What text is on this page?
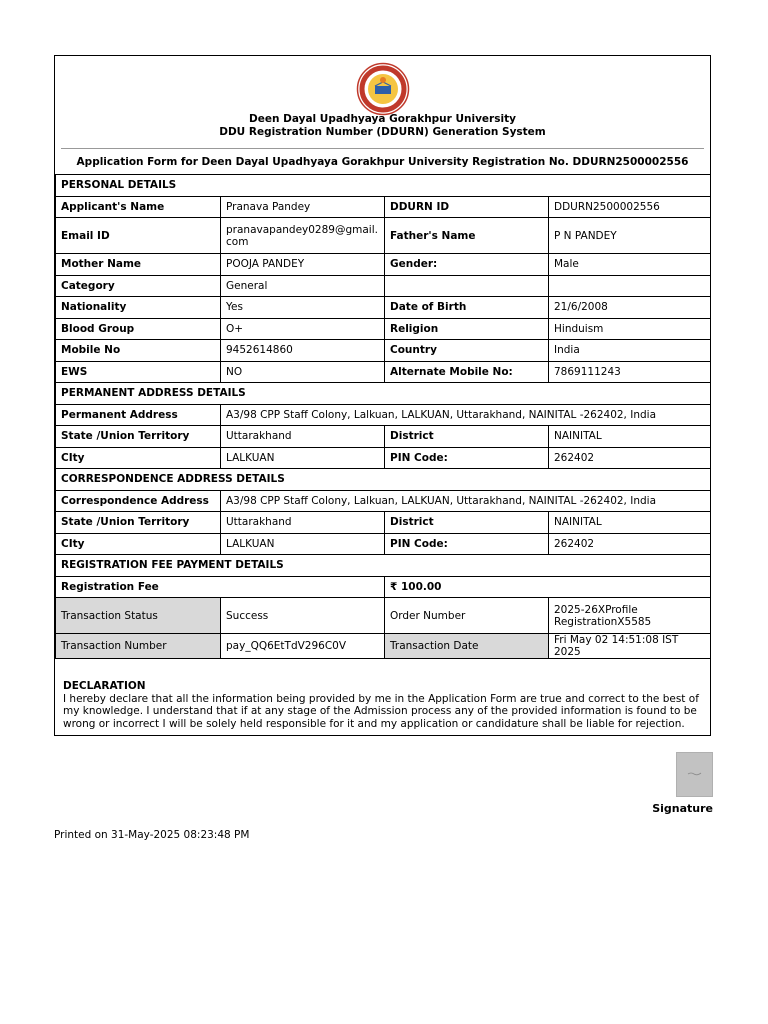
Deen Dayal Upadhyaya Gorakhpur University
DDU Registration Number (DDURN) Generation System
Application Form for Deen Dayal Upadhyaya Gorakhpur University Registration No. DDURN2500002556
PERSONAL DETAILS			
Applicant's Name	Pranava Pandey	DDURN ID	DDURN2500002556
Email ID	pranavapandey0289@gmail.com	Father's Name	P N PANDEY
Mother Name	POOJA PANDEY	Gender:	Male
Category	General		
Nationality	Yes	Date of Birth	21/6/2008
Blood Group	O+	Religion	Hinduism
Mobile No	9452614860	Country	India
EWS	NO	Alternate Mobile No:	7869111243
PERMANENT ADDRESS DETAILS			
Permanent Address	A3/98 CPP Staff Colony, Lalkuan, LALKUAN, Uttarakhand, NAINITAL -262402, India		
State /Union Territory	Uttarakhand	District	NAINITAL
CIty	LALKUAN	PIN Code:	262402
CORRESPONDENCE ADDRESS DETAILS			
Correspondence Address	A3/98 CPP Staff Colony, Lalkuan, LALKUAN, Uttarakhand, NAINITAL -262402, India		
State /Union Territory	Uttarakhand	District	NAINITAL
CIty	LALKUAN	PIN Code:	262402
REGISTRATION FEE PAYMENT DETAILS			
Registration Fee		₹ 100.00	
Transaction Status	Success	Order Number	2025-26XProfile RegistrationX5585
Transaction Number	pay_QQ6EtTdV296C0V	Transaction Date	Fri May 02 14:51:08 IST 2025
DECLARATION
I hereby declare that all the information being provided by me in the Application Form are true and correct to the best of my knowledge. I understand that if at any stage of the Admission process any of the provided information is found to be wrong or incorrect I will be solely held responsible for it and my application or candidature shall be liable for rejection.
Signature
Printed on 31-May-2025 08:23:48 PM
